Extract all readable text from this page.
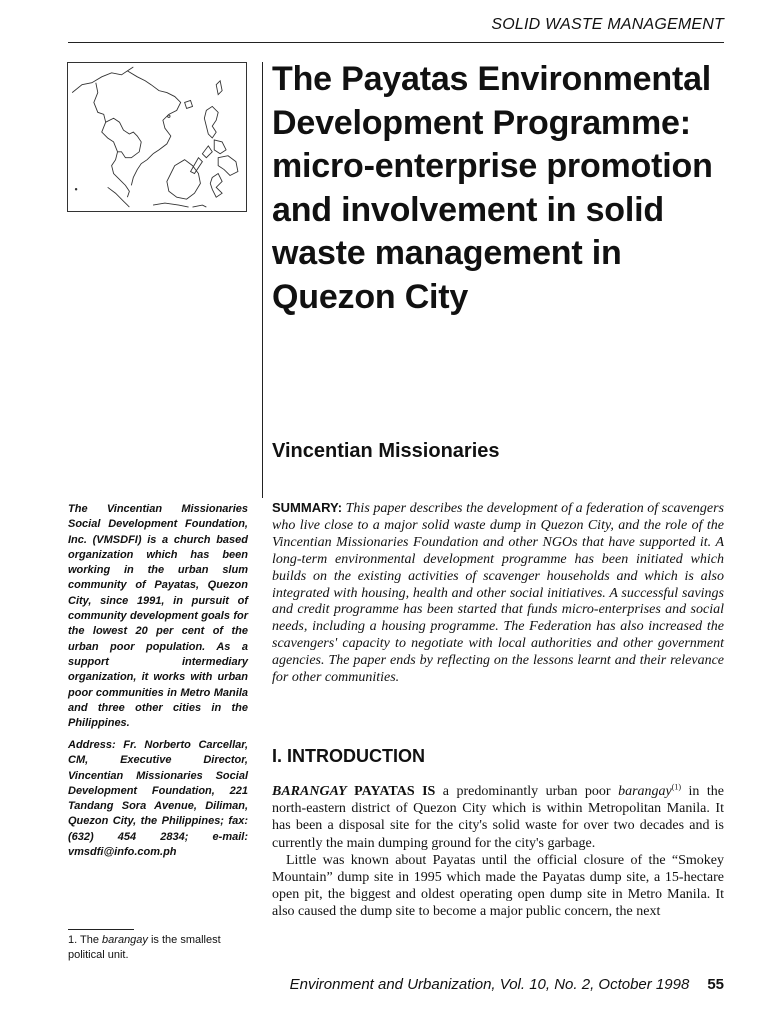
SOLID WASTE MANAGEMENT
The Payatas Environmental Development Programme: micro-enterprise promotion and involvement in solid waste management in Quezon City
Vincentian Missionaries

The Vincentian Missionaries Social Development Foundation, Inc. (VMSDFI) is a church based organization which has been working in the urban slum community of Payatas, Quezon City, since 1991, in pursuit of community development goals for the lowest 20 per cent of the urban poor population. As a support intermediary organization, it works with urban poor communities in Metro Manila and three other cities in the Philippines.

Address: Fr. Norberto Carcellar, CM, Executive Director, Vincentian Missionaries Social Development Foundation, 221 Tandang Sora Avenue, Diliman, Quezon City, the Philippines; fax: (632) 454 2834; e-mail: vmsdfi@info.com.ph

1. The barangay is the smallest political unit.

SUMMARY: This paper describes the development of a federation of scavengers who live close to a major solid waste dump in Quezon City, and the role of the Vincentian Missionaries Foundation and other NGOs that have supported it. A long-term environmental development programme has been initiated which builds on the existing activities of scavenger households and which is also integrated with housing, health and other social initiatives. A successful savings and credit programme has been started that funds micro-enterprises and social needs, including a housing programme. The Federation has also increased the scavengers' capacity to negotiate with local authorities and other government agencies. The paper ends by reflecting on the lessons learnt and their relevance for other communities.

I. INTRODUCTION

BARANGAY PAYATAS IS a predominantly urban poor barangay$^{(1)}$ in the north-eastern district of Quezon City which is within Metropolitan Manila. It has been a disposal site for the city's solid waste for over two decades and is currently the main dumping ground for the city's garbage.
Little was known about Payatas until the official closure of the “Smokey Mountain” dump site in 1995 which made the Payatas dump site, a 15-hectare open pit, the biggest and oldest operating open dump site in Metro Manila. It also caused the dump site to become a major public concern, the next

Environment and Urbanization, Vol. 10, No. 2, October 1998 55
